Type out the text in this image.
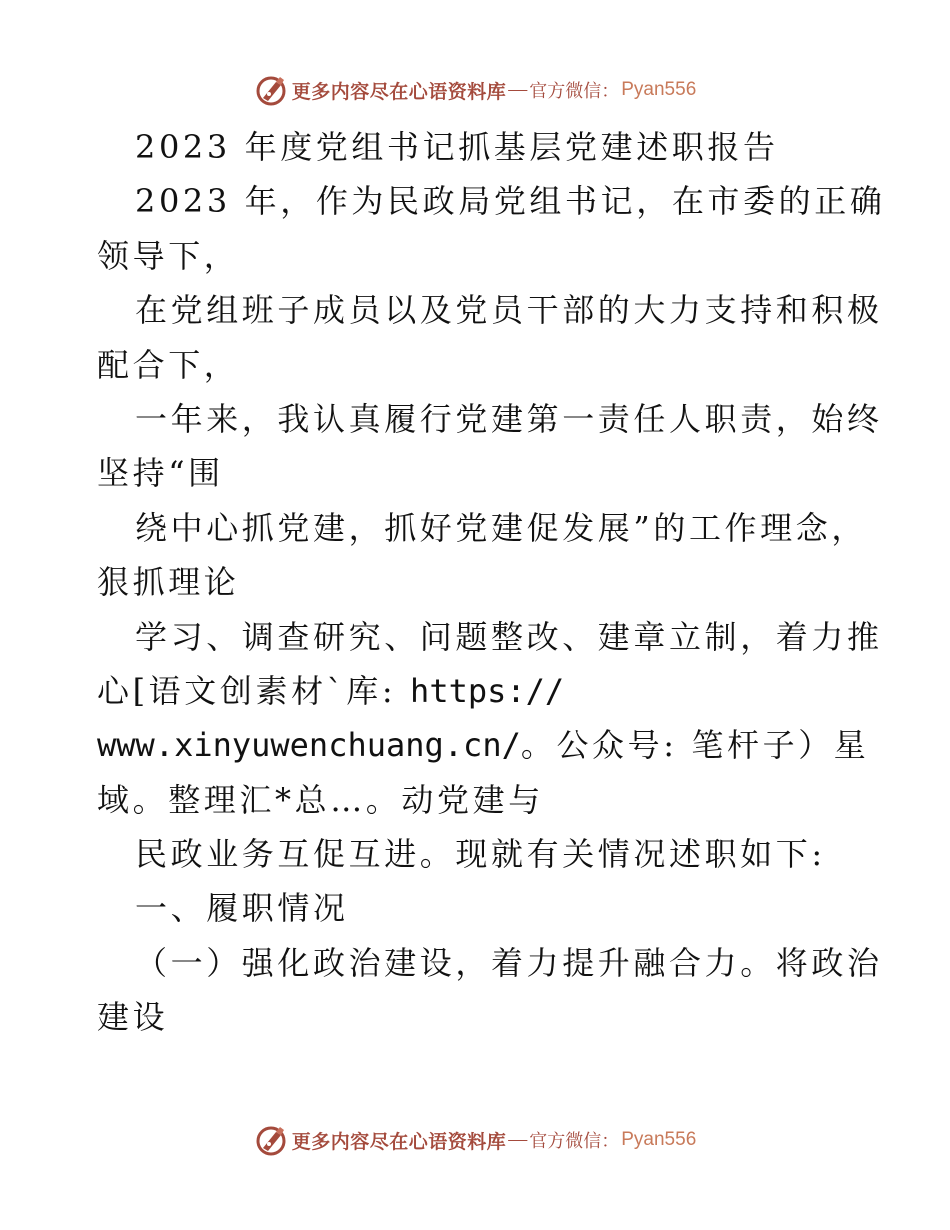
更多内容尽在心语资料库 — 官方微信： Pyan556
2023 年度党组书记抓基层党建述职报告
2023 年，作为民政局党组书记，在市委的正确
领导下，
在党组班子成员以及党员干部的大力支持和积极
配合下，
一年来，我认真履行党建第一责任人职责，始终
坚持“围
绕中心抓党建，抓好党建促发展”的工作理念，
狠抓理论
学习、调查研究、问题整改、建章立制，着力推
心[语文创素材`库: https://
www.xinyuwenchuang.cn/。公众号: 笔杆子）星
域。整理汇*总…。动党建与
民政业务互促互进。现就有关情况述职如下:
一、履职情况
（一）强化政治建设，着力提升融合力。将政治
建设
更多内容尽在心语资料库 — 官方微信： Pyan556
